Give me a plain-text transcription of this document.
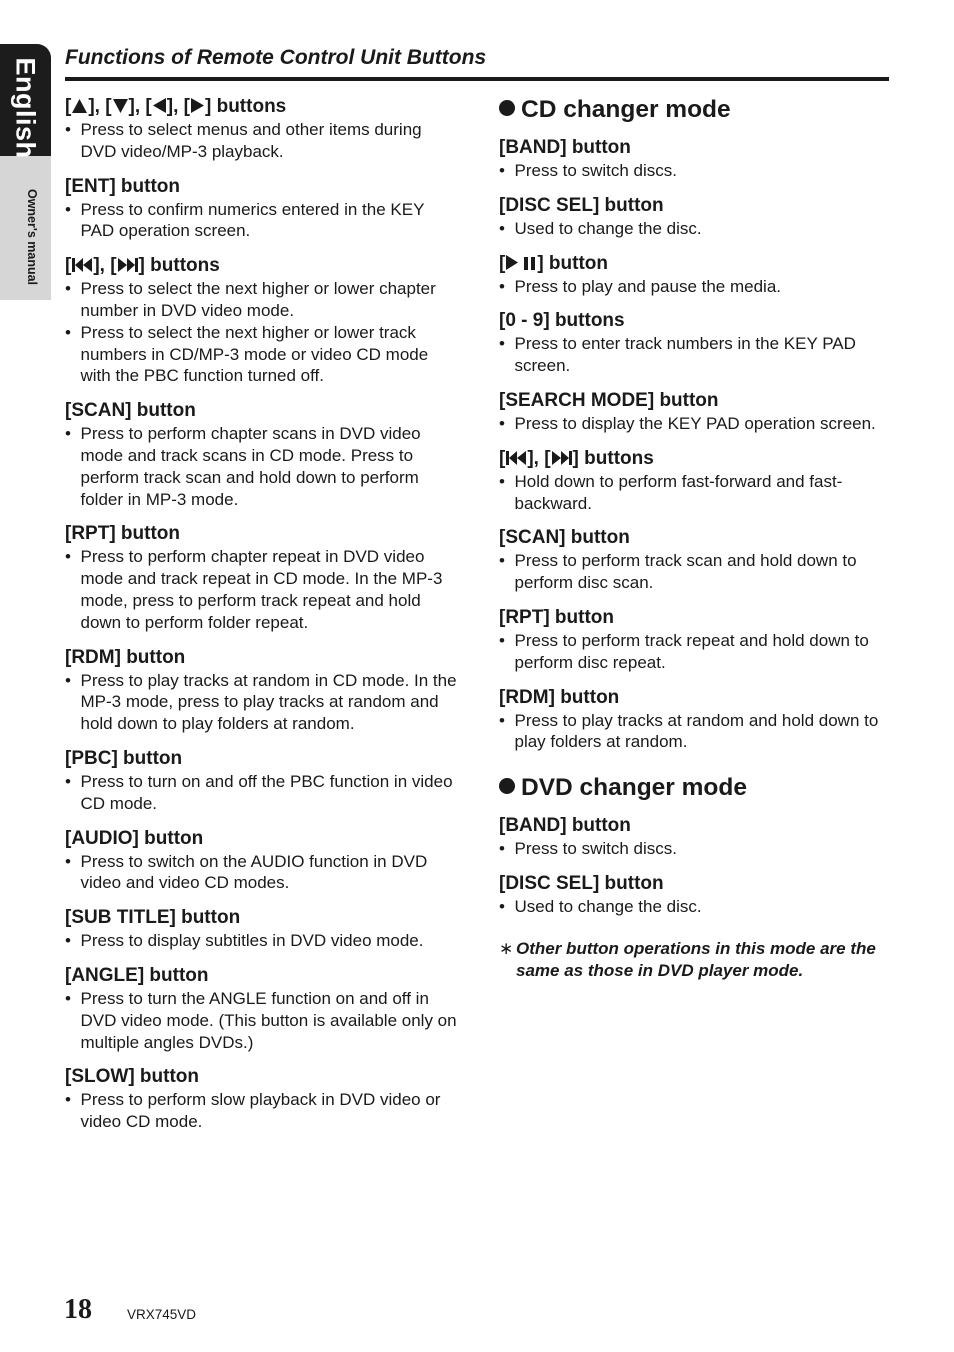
English
Owner's manual
Functions of Remote Control Unit Buttons
[ ], [ ], [ ], [ ] buttons
• Press to select menus and other items during DVD video/MP-3 playback.
[ENT] button
• Press to confirm numerics entered in the KEY PAD operation screen.
[ ], [ ] buttons
• Press to select the next higher or lower chapter number in DVD video mode.
• Press to select the next higher or lower track numbers in CD/MP-3 mode or video CD mode with the PBC function turned off.
[SCAN] button
• Press to perform chapter scans in DVD video mode and track scans in CD mode. Press to perform track scan and hold down to perform folder in MP-3 mode.
[RPT] button
• Press to perform chapter repeat in DVD video mode and track repeat in CD mode. In the MP-3 mode, press to perform track repeat and hold down to perform folder repeat.
[RDM] button
• Press to play tracks at random in CD mode. In the MP-3 mode, press to play tracks at random and hold down to play folders at random.
[PBC] button
• Press to turn on and off the PBC function in video CD mode.
[AUDIO] button
• Press to switch on the AUDIO function in DVD video and video CD modes.
[SUB TITLE] button
• Press to display subtitles in DVD video mode.
[ANGLE] button
• Press to turn the ANGLE function on and off in DVD video mode. (This button is available only on multiple angles DVDs.)
[SLOW] button
• Press to perform slow playback in DVD video or video CD mode.
CD changer mode
[BAND] button
• Press to switch discs.
[DISC SEL] button
• Used to change the disc.
[ ] button
• Press to play and pause the media.
[0 - 9] buttons
• Press to enter track numbers in the KEY PAD screen.
[SEARCH MODE] button
• Press to display the KEY PAD operation screen.
[ ], [ ] buttons
• Hold down to perform fast-forward and fast-backward.
[SCAN] button
• Press to perform track scan and hold down to perform disc scan.
[RPT] button
• Press to perform track repeat and hold down to perform disc repeat.
[RDM] button
• Press to play tracks at random and hold down to play folders at random.
DVD changer mode
[BAND] button
• Press to switch discs.
[DISC SEL] button
• Used to change the disc.
∗ Other button operations in this mode are the same as those in DVD player mode.
18	VRX745VD
